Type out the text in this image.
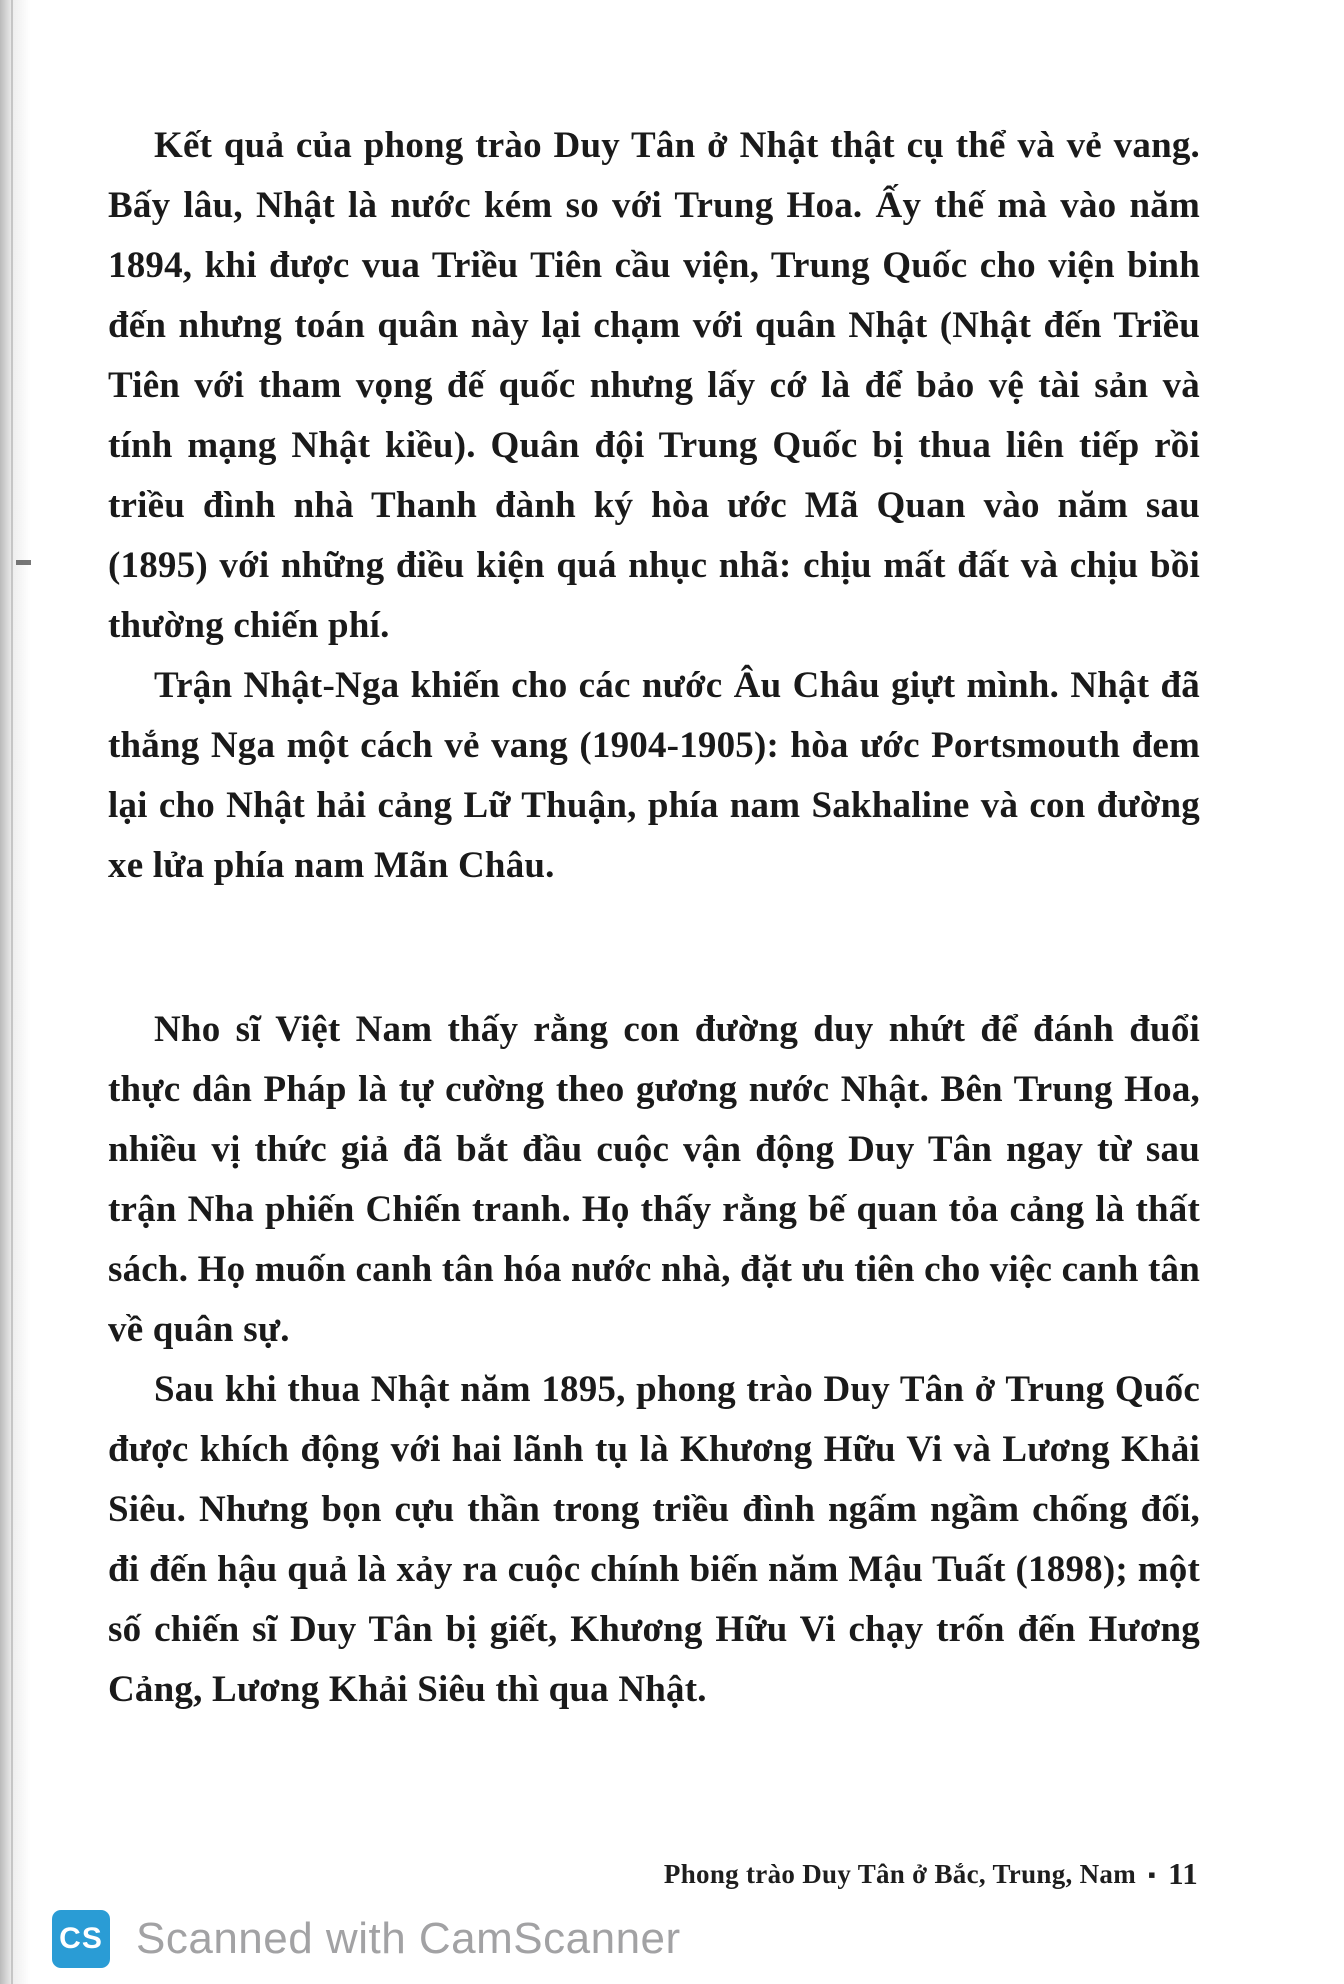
Kết quả của phong trào Duy Tân ở Nhật thật cụ thể và vẻ vang. Bấy lâu, Nhật là nước kém so với Trung Hoa. Ấy thế mà vào năm 1894, khi được vua Triều Tiên cầu viện, Trung Quốc cho viện binh đến nhưng toán quân này lại chạm với quân Nhật (Nhật đến Triều Tiên với tham vọng đế quốc nhưng lấy cớ là để bảo vệ tài sản và tính mạng Nhật kiều). Quân đội Trung Quốc bị thua liên tiếp rồi triều đình nhà Thanh đành ký hòa ước Mã Quan vào năm sau (1895) với những điều kiện quá nhục nhã: chịu mất đất và chịu bồi thường chiến phí.

Trận Nhật-Nga khiến cho các nước Âu Châu giựt mình. Nhật đã thắng Nga một cách vẻ vang (1904-1905): hòa ước Portsmouth đem lại cho Nhật hải cảng Lữ Thuận, phía nam Sakhaline và con đường xe lửa phía nam Mãn Châu.

Nho sĩ Việt Nam thấy rằng con đường duy nhứt để đánh đuổi thực dân Pháp là tự cường theo gương nước Nhật. Bên Trung Hoa, nhiều vị thức giả đã bắt đầu cuộc vận động Duy Tân ngay từ sau trận Nha phiến Chiến tranh. Họ thấy rằng bế quan tỏa cảng là thất sách. Họ muốn canh tân hóa nước nhà, đặt ưu tiên cho việc canh tân về quân sự.

Sau khi thua Nhật năm 1895, phong trào Duy Tân ở Trung Quốc được khích động với hai lãnh tụ là Khương Hữu Vi và Lương Khải Siêu. Nhưng bọn cựu thần trong triều đình ngấm ngầm chống đối, đi đến hậu quả là xảy ra cuộc chính biến năm Mậu Tuất (1898); một số chiến sĩ Duy Tân bị giết, Khương Hữu Vi chạy trốn đến Hương Cảng, Lương Khải Siêu thì qua Nhật.

Phong trào Duy Tân ở Bắc, Trung, Nam ▪ 11
CS Scanned with CamScanner
